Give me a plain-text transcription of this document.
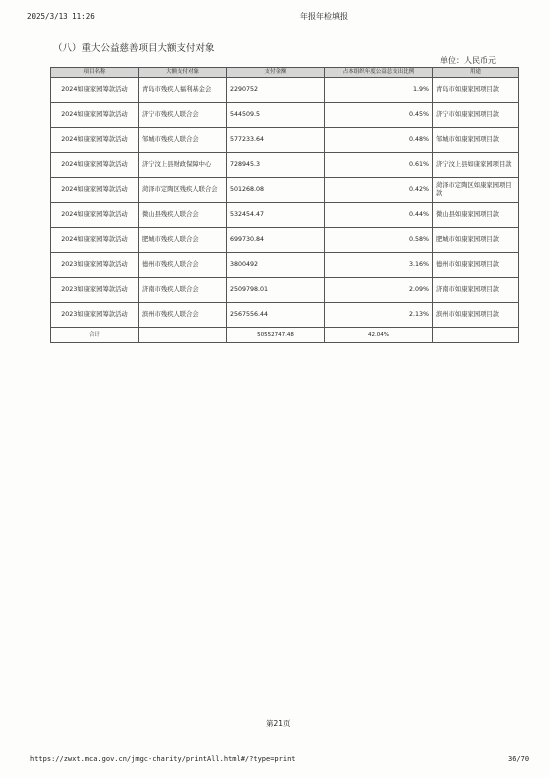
2025/3/13 11:26	年报年检填报
（八）重大公益慈善项目大额支付对象
单位：人民币元
项目名称	大额支付对象	支付金额	占本组织年度公益总支出比例	用途
2024如康家园筹款活动	青岛市残疾人福利基金会	2290752	1.9%	青岛市如康家园项目款
2024如康家园筹款活动	济宁市残疾人联合会	544509.5	0.45%	济宁市如康家园项目款
2024如康家园筹款活动	邹城市残疾人联合会	577233.64	0.48%	邹城市如康家园项目款
2024如康家园筹款活动	济宁汶上县财政保障中心	728945.3	0.61%	济宁汶上县如康家园项目款
2024如康家园筹款活动	菏泽市定陶区残疾人联合会	501268.08	0.42%	菏泽市定陶区如康家园项目款
2024如康家园筹款活动	微山县残疾人联合会	532454.47	0.44%	微山县如康家园项目款
2024如康家园筹款活动	肥城市残疾人联合会	699730.84	0.58%	肥城市如康家园项目款
2023如康家园筹款活动	德州市残疾人联合会	3800492	3.16%	德州市如康家园项目款
2023如康家园筹款活动	济南市残疾人联合会	2509798.01	2.09%	济南市如康家园项目款
2023如康家园筹款活动	滨州市残疾人联合会	2567556.44	2.13%	滨州市如康家园项目款
合计		50552747.48	42.04%	
第21页
https://zwxt.mca.gov.cn/jmgc-charity/printAll.html#/?type=print	36/70
